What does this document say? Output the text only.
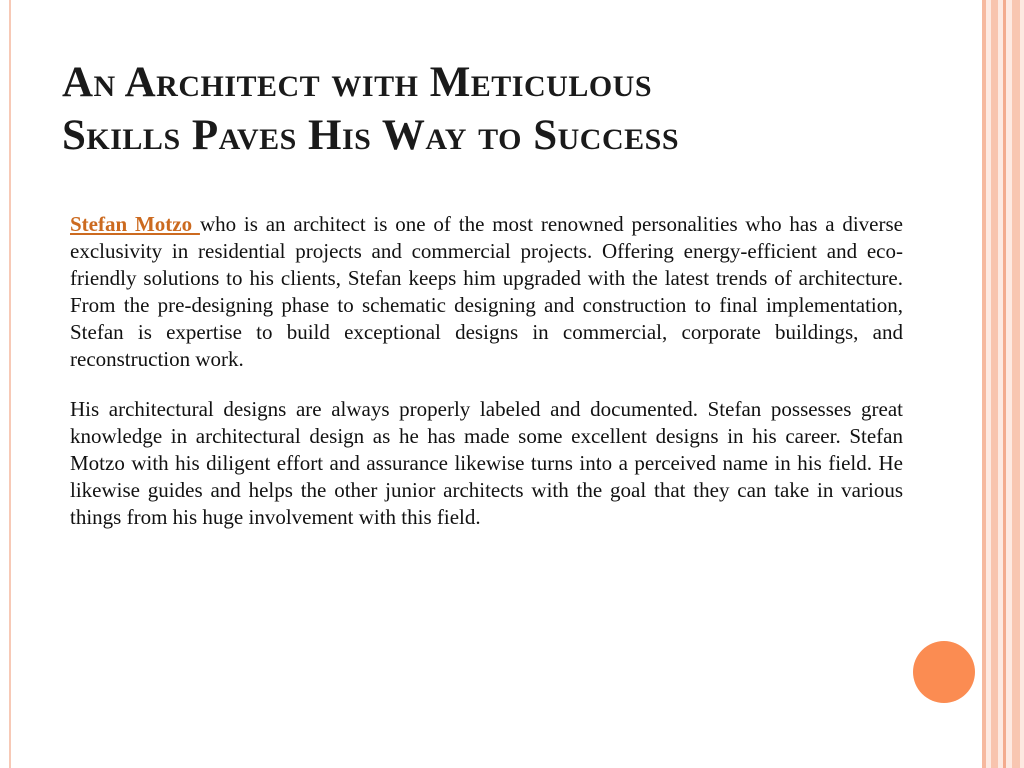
An Architect with Meticulous
Skills Paves His Way to Success

Stefan Motzo who is an architect is one of the most renowned personalities who has a diverse exclusivity in residential projects and commercial projects. Offering energy-efficient and eco-friendly solutions to his clients, Stefan keeps him upgraded with the latest trends of architecture. From the pre-designing phase to schematic designing and construction to final implementation, Stefan is expertise to build exceptional designs in commercial, corporate buildings, and reconstruction work.

His architectural designs are always properly labeled and documented. Stefan possesses great knowledge in architectural design as he has made some excellent designs in his career. Stefan Motzo with his diligent effort and assurance likewise turns into a perceived name in his field. He likewise guides and helps the other junior architects with the goal that they can take in various things from his huge involvement with this field.
